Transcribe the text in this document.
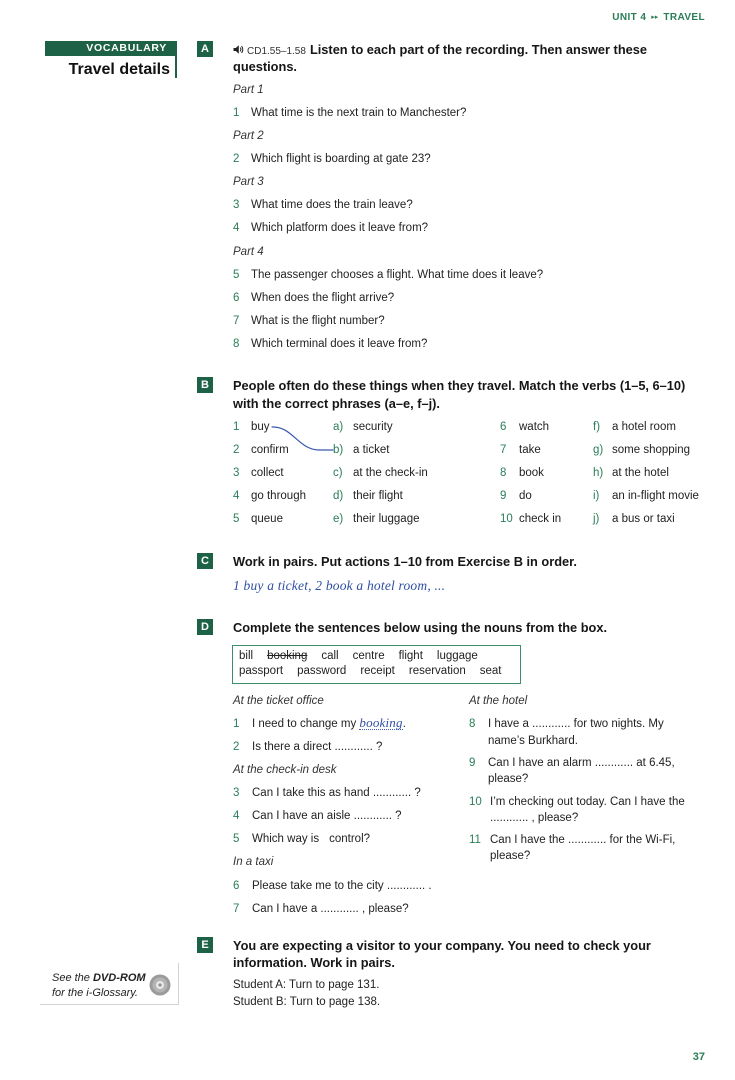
UNIT 4 ▸▸ TRAVEL
VOCABULARY
Travel details
A	CD1.55–1.58 Listen to each part of the recording. Then answer these
questions.
Part 1
1 What time is the next train to Manchester?
Part 2
2 Which flight is boarding at gate 23?
Part 3
3 What time does the train leave?
4 Which platform does it leave from?
Part 4
5 The passenger chooses a flight. What time does it leave?
6 When does the flight arrive?
7 What is the flight number?
8 Which terminal does it leave from?
B	People often do these things when they travel. Match the verbs (1–5, 6–10)
with the correct phrases (a–e, f–j).
1 buy	a) security	6 watch	f) a hotel room
2 confirm	b) a ticket	7 take	g) some shopping
3 collect	c) at the check-in	8 book	h) at the hotel
4 go through d) their flight	9 do	i) an in-flight movie
5 queue	e) their luggage	10 check in	j) a bus or taxi
C	Work in pairs. Put actions 1–10 from Exercise B in order.
1 buy a ticket, 2 book a hotel room, ...
D	Complete the sentences below using the nouns from the box.
bill booking call centre flight luggage
passport password receipt reservation seat
At the ticket office
1 I need to change my booking.
2 Is there a direct ............ ?
At the check-in desk
3 Can I take this as hand ............ ?
4 Can I have an aisle ............ ?
5 Which way is control?
In a taxi
6 Please take me to the city ............ .
7 Can I have a ............ , please?
At the hotel
8 I have a ............ for two nights. My
name’s Burkhard.
9 Can I have an alarm ............ at 6.45,
please?
10 I’m checking out today. Can I have the
............ , please?
11 Can I have the ............ for the Wi-Fi,
please?
E	You are expecting a visitor to your company. You need to check your
information. Work in pairs.
Student A: Turn to page 131.
Student B: Turn to page 138.
See the DVD-ROM
for the i-Glossary.
37
